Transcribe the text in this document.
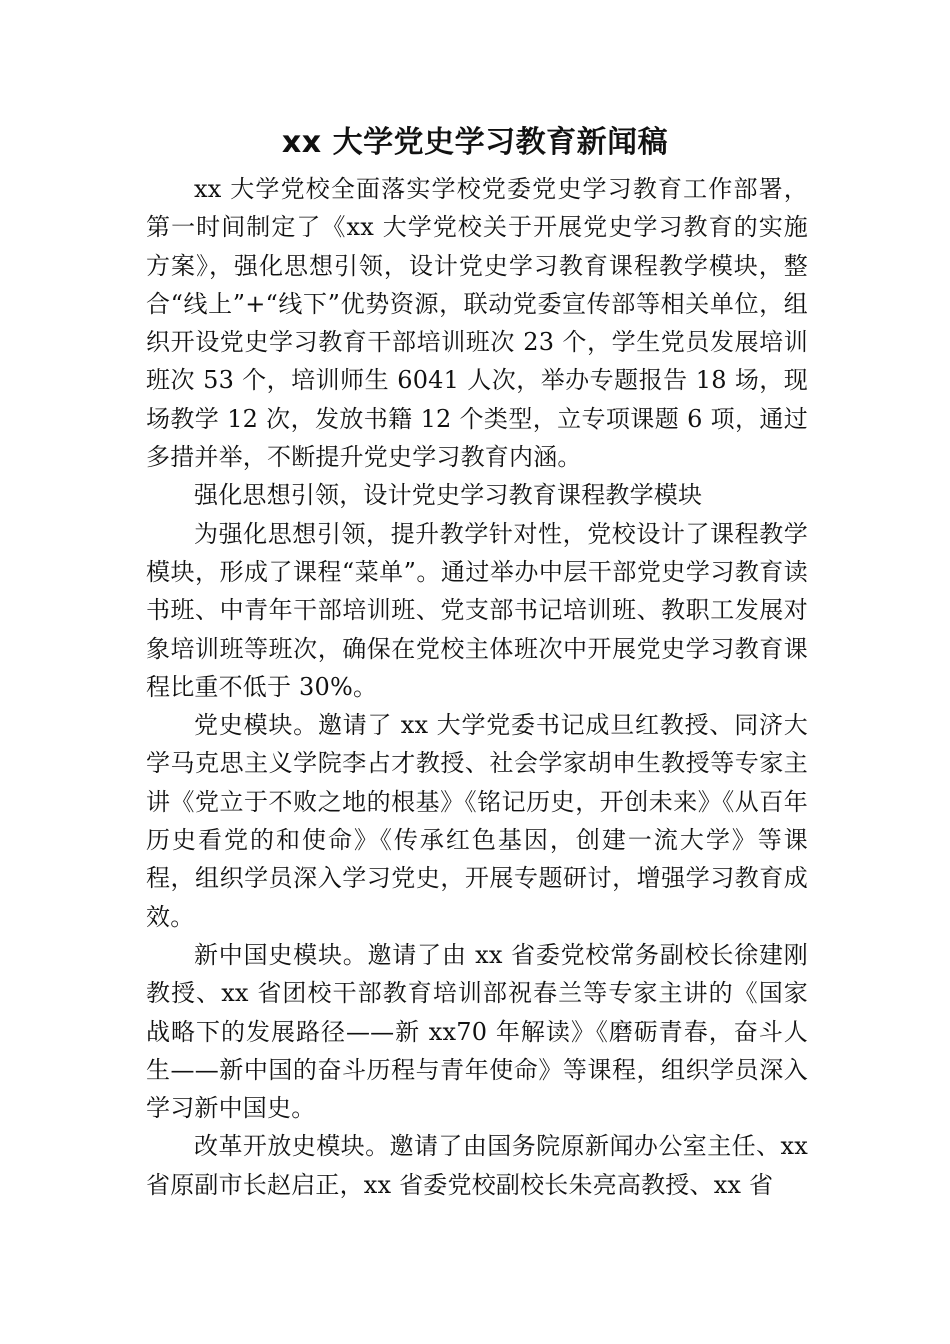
xx 大学党史学习教育新闻稿

xx 大学党校全面落实学校党委党史学习教育工作部署，第一时间制定了《xx 大学党校关于开展党史学习教育的实施方案》，强化思想引领，设计党史学习教育课程教学模块，整合“线上”+“线下”优势资源，联动党委宣传部等相关单位，组织开设党史学习教育干部培训班次 23 个，学生党员发展培训班次 53 个，培训师生 6041 人次，举办专题报告 18 场，现场教学 12 次，发放书籍 12 个类型，立专项课题 6 项，通过多措并举，不断提升党史学习教育内涵。

强化思想引领，设计党史学习教育课程教学模块

为强化思想引领，提升教学针对性，党校设计了课程教学模块，形成了课程“菜单”。通过举办中层干部党史学习教育读书班、中青年干部培训班、党支部书记培训班、教职工发展对象培训班等班次，确保在党校主体班次中开展党史学习教育课程比重不低于 30%。

党史模块。邀请了 xx 大学党委书记成旦红教授、同济大学马克思主义学院李占才教授、社会学家胡申生教授等专家主讲《党立于不败之地的根基》《铭记历史，开创未来》《从百年历史看党的和使命》《传承红色基因，创建一流大学》等课程，组织学员深入学习党史，开展专题研讨，增强学习教育成效。

新中国史模块。邀请了由 xx 省委党校常务副校长徐建刚教授、xx 省团校干部教育培训部祝春兰等专家主讲的《国家战略下的发展路径——新 xx70 年解读》《磨砺青春，奋斗人生——新中国的奋斗历程与青年使命》等课程，组织学员深入学习新中国史。

改革开放史模块。邀请了由国务院原新闻办公室主任、xx 省原副市长赵启正，xx 省委党校副校长朱亮高教授、xx 省
